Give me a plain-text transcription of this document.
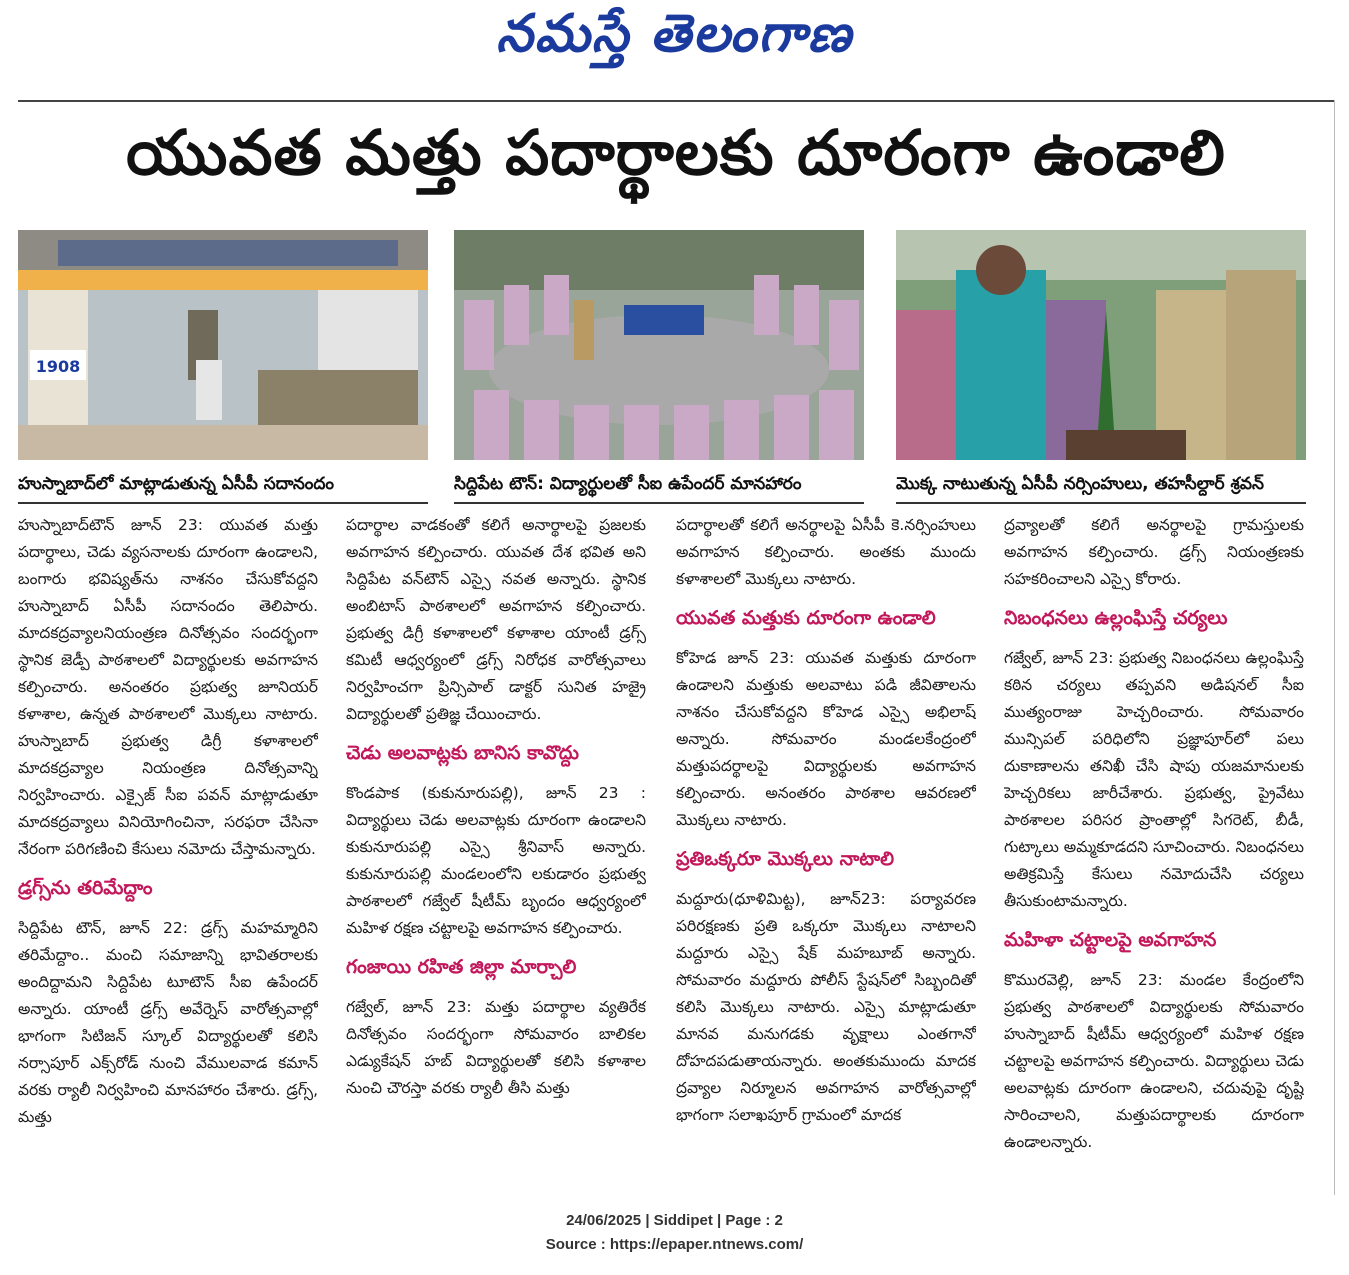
నమస్తే తెలంగాణ
యువత మత్తు పదార్థాలకు దూరంగా ఉండాలి
1908
హుస్నాబాద్‌లో మాట్లాడుతున్న ఏసీపీ సదానందం	సిద్దిపేట టౌన్: విద్యార్థులతో సీఐ ఉపేందర్ మానహారం	మొక్క నాటుతున్న ఏసీపీ నర్సింహులు, తహసీల్దార్ శ్రవన్

హుస్నాబాద్‌టౌన్ జూన్ 23: యువత మత్తు పదార్థాలు, చెడు వ్యసనాలకు దూరంగా ఉండాలని, బంగారు భవిష్యత్‌ను నాశనం చేసుకోవద్దని హుస్నాబాద్ ఏసీపీ సదానందం తెలిపారు. మాదకద్రవ్యాలనియంత్రణ దినోత్సవం సందర్భంగా స్థానిక జెడ్పీ పాఠశాలలో విద్యార్థులకు అవగాహన కల్పించారు. అనంతరం ప్రభుత్వ జూనియర్ కళాశాల, ఉన్నత పాఠశాలలో మొక్కలు నాటారు. హుస్నాబాద్ ప్రభుత్వ డిగ్రీ కళాశాలలో మాదకద్రవ్యాల నియంత్రణ దినోత్సవాన్ని నిర్వహించారు. ఎక్సైజ్ సీఐ పవన్ మాట్లాడుతూ మాదకద్రవ్యాలు వినియోగించినా, సరఫరా చేసినా నేరంగా పరిగణించి కేసులు నమోదు చేస్తామన్నారు.

డ్రగ్స్‌ను తరిమేద్దాం

సిద్దిపేట టౌన్, జూన్ 22: డ్రగ్స్ మహమ్మారిని తరిమేద్దాం.. మంచి సమాజాన్ని భావితరాలకు అందిద్దామని సిద్దిపేట టూటౌన్ సీఐ ఉపేందర్ అన్నారు. యాంటీ డ్రగ్స్ అవేర్నెస్ వారోత్సవాల్లో భాగంగా సిటిజన్ స్కూల్ విద్యార్థులతో కలిసి నర్సాపూర్ ఎక్స్‌రోడ్ నుంచి వేములవాడ కమాన్ వరకు ర్యాలీ నిర్వహించి మానహారం చేశారు. డ్రగ్స్, మత్తు

పదార్థాల వాడకంతో కలిగే అనార్థాలపై ప్రజలకు అవగాహన కల్పించారు. యువత దేశ భవిత అని సిద్దిపేట వన్‌టౌన్ ఎస్సై నవత అన్నారు. స్థానిక అంబిటాస్ పాఠశాలలో అవగాహన కల్పించారు. ప్రభుత్వ డిగ్రీ కళాశాలలో కళాశాల యాంటీ డ్రగ్స్ కమిటీ ఆధ్వర్యంలో డ్రగ్స్ నిరోధక వారోత్సవాలు నిర్వహించగా ప్రిన్సిపాల్ డాక్టర్ సునిత హజ్రై విద్యార్థులతో ప్రతిజ్ఞ చేయించారు.

చెడు అలవాట్లకు బానిస కావొద్దు

కొండపాక (కుకునూరుపల్లి), జూన్ 23 : విద్యార్థులు చెడు అలవాట్లకు దూరంగా ఉండాలని కుకునూరుపల్లి ఎస్సై శ్రీనివాస్ అన్నారు. కుకునూరుపల్లి మండలంలోని లకుడారం ప్రభుత్వ పాఠశాలలో గజ్వేల్ షీటీమ్ బృందం ఆధ్వర్యంలో మహిళ రక్షణ చట్టాలపై అవగాహన కల్పించారు.

గంజాయి రహిత జిల్లా మార్చాలి

గజ్వేల్, జూన్ 23: మత్తు పదార్థాల వ్యతిరేక దినోత్సవం సందర్భంగా సోమవారం బాలికల ఎడ్యుకేషన్ హబ్ విద్యార్థులతో కలిసి కళాశాల నుంచి చౌరస్తా వరకు ర్యాలీ తీసి మత్తు

పదార్థాలతో కలిగే అనర్థాలపై ఏసీపీ కె.నర్సింహులు అవగాహన కల్పించారు. అంతకు ముందు కళాశాలలో మొక్కలు నాటారు.

యువత మత్తుకు దూరంగా ఉండాలి

కోహెడ జూన్ 23: యువత మత్తుకు దూరంగా ఉండాలని మత్తుకు అలవాటు పడి జీవితాలను నాశనం చేసుకోవద్దని కోహెడ ఎస్సై అభిలాష్ అన్నారు. సోమవారం మండలకేంద్రంలో మత్తుపదర్థాలపై విద్యార్థులకు అవగాహన కల్పించారు. అనంతరం పాఠశాల ఆవరణలో మొక్కలు నాటారు.

ప్రతిఒక్కరూ మొక్కలు నాటాలి

మద్దూరు(ధూళిమిట్ట), జూన్23: పర్యావరణ పరిరక్షణకు ప్రతి ఒక్కరూ మొక్కలు నాటాలని మద్దూరు ఎస్సై షేక్ మహబూబ్ అన్నారు. సోమవారం మద్దూరు పోలీస్ స్టేషన్‌లో సిబ్బందితో కలిసి మొక్కలు నాటారు. ఎస్సై మాట్లాడుతూ మానవ మనుగడకు వృక్షాలు ఎంతగానో దోహదపడుతాయన్నారు. అంతకుముందు మాదక ద్రవ్యాల నిర్మూలన అవగాహన వారోత్సవాల్లో భాగంగా సలాఖపూర్ గ్రామంలో మాదక

ద్రవ్యాలతో కలిగే అనర్థాలపై గ్రామస్తులకు అవగాహన కల్పించారు. డ్రగ్స్ నియంత్రణకు సహకరించాలని ఎస్సై కోరారు.

నిబంధనలు ఉల్లంఘిస్తే చర్యలు

గజ్వేల్, జూన్ 23: ప్రభుత్వ నిబంధనలు ఉల్లంఘిస్తే కఠిన చర్యలు తప్పవని అడిషనల్ సీఐ ముత్యంరాజు హెచ్చరించారు. సోమవారం మున్సిపల్ పరిధిలోని ప్రజ్ఞాపూర్‌లో పలు దుకాణాలను తనిఖీ చేసి షాపు యజమానులకు హెచ్చరికలు జారీచేశారు. ప్రభుత్వ, ప్రైవేటు పాఠశాలల పరిసర ప్రాంతాల్లో సిగరెట్, బీడీ, గుట్కాలు అమ్మకూడదని సూచించారు. నిబంధనలు అతిక్రమిస్తే కేసులు నమోదుచేసి చర్యలు తీసుకుంటామన్నారు.

మహిళా చట్టాలపై అవగాహన

కొమురవెల్లి, జూన్ 23: మండల కేంద్రంలోని ప్రభుత్వ పాఠశాలలో విద్యార్థులకు సోమవారం హుస్నాబాద్ షీటీమ్ ఆధ్వర్యంలో మహిళ రక్షణ చట్టాలపై అవగాహన కల్పించారు. విద్యార్థులు చెడు అలవాట్లకు దూరంగా ఉండాలని, చదువుపై దృష్టి సారించాలని, మత్తుపదార్థాలకు దూరంగా ఉండాలన్నారు.

24/06/2025 | Siddipet | Page : 2
Source : https://epaper.ntnews.com/
